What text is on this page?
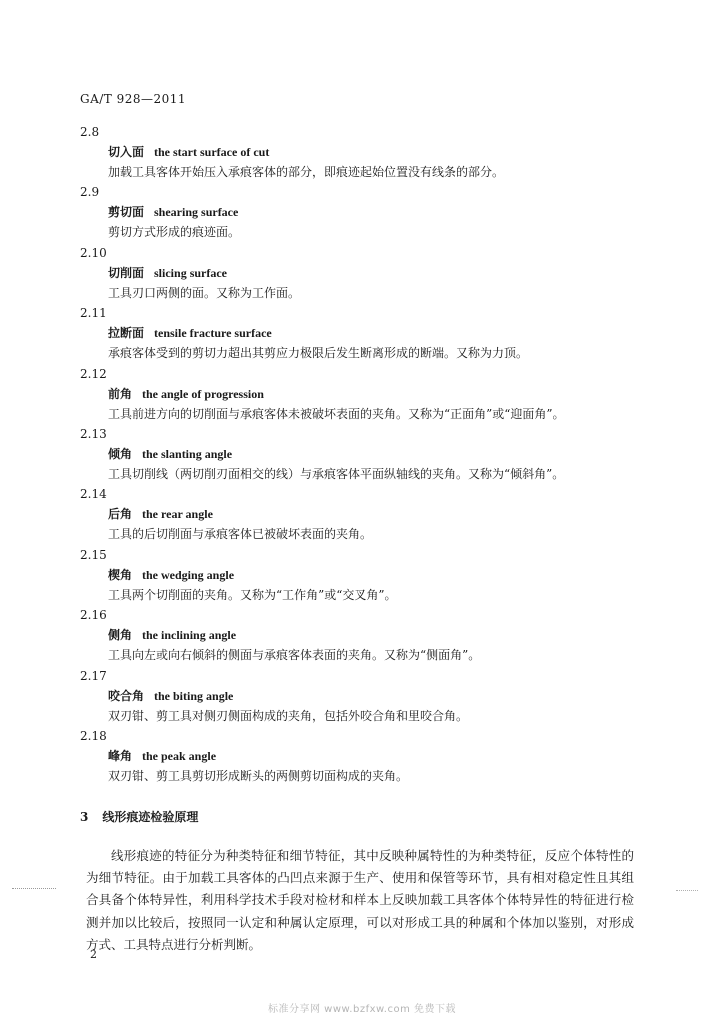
GA/T 928—2011
2.8
切入面 the start surface of cut
加载工具客体开始压入承痕客体的部分，即痕迹起始位置没有线条的部分。
2.9
剪切面 shearing surface
剪切方式形成的痕迹面。
2.10
切削面 slicing surface
工具刃口两侧的面。又称为工作面。
2.11
拉断面 tensile fracture surface
承痕客体受到的剪切力超出其剪应力极限后发生断离形成的断端。又称为力顶。
2.12
前角 the angle of progression
工具前进方向的切削面与承痕客体未被破坏表面的夹角。又称为“正面角”或“迎面角”。
2.13
倾角 the slanting angle
工具切削线（两切削刃面相交的线）与承痕客体平面纵轴线的夹角。又称为“倾斜角”。
2.14
后角 the rear angle
工具的后切削面与承痕客体已被破坏表面的夹角。
2.15
楔角 the wedging angle
工具两个切削面的夹角。又称为“工作角”或“交叉角”。
2.16
侧角 the inclining angle
工具向左或向右倾斜的侧面与承痕客体表面的夹角。又称为“侧面角”。
2.17
咬合角 the biting angle
双刃钳、剪工具对侧刃侧面构成的夹角，包括外咬合角和里咬合角。
2.18
峰角 the peak angle
双刃钳、剪工具剪切形成断头的两侧剪切面构成的夹角。
3 线形痕迹检验原理
线形痕迹的特征分为种类特征和细节特征，其中反映种属特性的为种类特征，反应个体特性的为细节特征。由于加载工具客体的凸凹点来源于生产、使用和保管等环节，具有相对稳定性且其组合具备个体特异性，利用科学技术手段对检材和样本上反映加载工具客体个体特异性的特征进行检测并加以比较后，按照同一认定和种属认定原理，可以对形成工具的种属和个体加以鉴别，对形成方式、工具特点进行分析判断。
2
标准分享网 www.bzfxw.com 免费下载
